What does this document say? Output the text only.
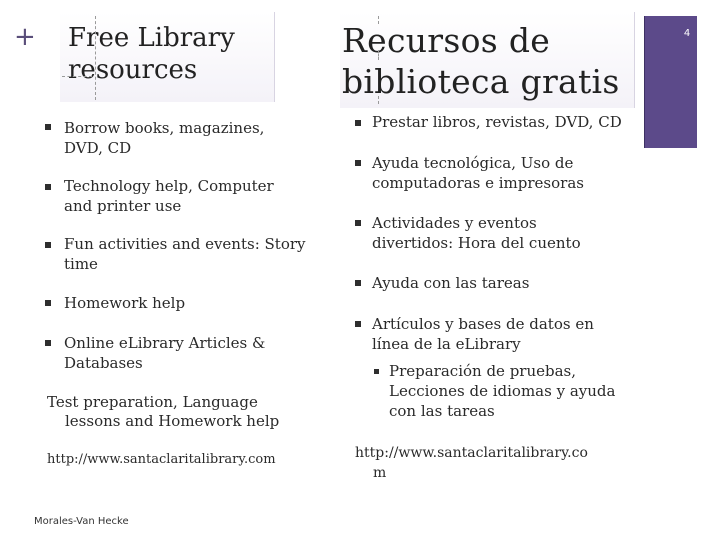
+	4
Free Library
resources
Recursos de
biblioteca gratis
Borrow books, magazines,
DVD, CD
Technology help, Computer
and printer use
Fun activities and events: Story
time
Homework help
Online eLibrary Articles &
Databases
Test preparation, Language
lessons and Homework help
http://www.santaclaritalibrary.com
Morales-Van Hecke
Prestar libros, revistas, DVD, CD
Ayuda tecnológica, Uso de
computadoras e impresoras
Actividades y eventos
divertidos: Hora del cuento
Ayuda con las tareas
Artículos y bases de datos en
línea de la eLibrary
Preparación de pruebas,
Lecciones de idiomas y ayuda
con las tareas
http://www.santaclaritalibrary.co
m
